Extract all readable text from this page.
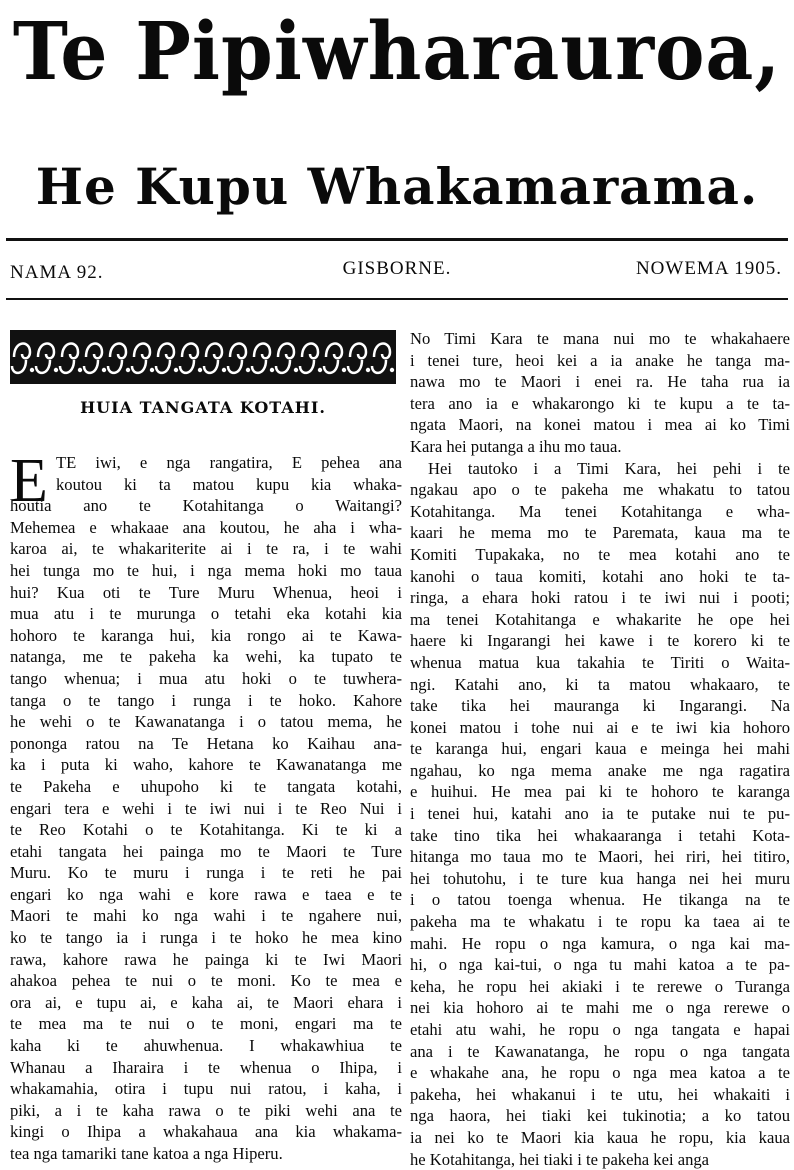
Te Pipiwharauroa,
He Kupu Whakamarama.
NAMA 92.	GISBORNE.	NOWEMA 1905.
HUIA TANGATA KOTAHI.
E TE iwi, e nga rangatira, E pehea ana
koutou ki ta matou kupu kia whaka-
houtia ano te Kotahitanga o Waitangi?
Mehemea e whakaae ana koutou, he aha i wha-
karoa ai, te whakariterite ai i te ra, i te wahi
hei tunga mo te hui, i nga mema hoki mo taua
hui? Kua oti te Ture Muru Whenua, heoi i
mua atu i te murunga o tetahi eka kotahi kia
hohoro te karanga hui, kia rongo ai te Kawa-
natanga, me te pakeha ka wehi, ka tupato te
tango whenua; i mua atu hoki o te tuwhera-
tanga o te tango i runga i te hoko. Kahore
he wehi o te Kawanatanga i o tatou mema, he
pononga ratou na Te Hetana ko Kaihau ana-
ka i puta ki waho, kahore te Kawanatanga me
te Pakeha e uhupoho ki te tangata kotahi,
engari tera e wehi i te iwi nui i te Reo Nui i
te Reo Kotahi o te Kotahitanga. Ki te ki a
etahi tangata hei painga mo te Maori te Ture
Muru. Ko te muru i runga i te reti he pai
engari ko nga wahi e kore rawa e taea e te
Maori te mahi ko nga wahi i te ngahere nui,
ko te tango ia i runga i te hoko he mea kino
rawa, kahore rawa he painga ki te Iwi Maori
ahakoa pehea te nui o te moni. Ko te mea e
ora ai, e tupu ai, e kaha ai, te Maori ehara i
te mea ma te nui o te moni, engari ma te
kaha ki te ahuwhenua. I whakawhiua te
Whanau a Iharaira i te whenua o Ihipa, i
whakamahia, otira i tupu nui ratou, i kaha, i
piki, a i te kaha rawa o te piki wehi ana te
kingi o Ihipa a whakahaua ana kia whakama-
tea nga tamariki tane katoa a nga Hiperu.
No Timi Kara te mana nui mo te whakahaere
i tenei ture, heoi kei a ia anake he tanga ma-
nawa mo te Maori i enei ra. He taha rua ia
tera ano ia e whakarongo ki te kupu a te ta-
ngata Maori, na konei matou i mea ai ko Timi
Kara hei putanga a ihu mo taua.
Hei tautoko i a Timi Kara, hei pehi i te
ngakau apo o te pakeha me whakatu to tatou
Kotahitanga. Ma tenei Kotahitanga e wha-
kaari he mema mo te Paremata, kaua ma te
Komiti Tupakaka, no te mea kotahi ano te
kanohi o taua komiti, kotahi ano hoki te ta-
ringa, a ehara hoki ratou i te iwi nui i pooti;
ma tenei Kotahitanga e whakarite he ope hei
haere ki Ingarangi hei kawe i te korero ki te
whenua matua kua takahia te Tiriti o Waita-
ngi. Katahi ano, ki ta matou whakaaro, te
take tika hei mauranga ki Ingarangi. Na
konei matou i tohe nui ai e te iwi kia hohoro
te karanga hui, engari kaua e meinga hei mahi
ngahau, ko nga mema anake me nga ragatira
e huihui. He mea pai ki te hohoro te karanga
i tenei hui, katahi ano ia te putake nui te pu-
take tino tika hei whakaaranga i tetahi Kota-
hitanga mo taua mo te Maori, hei riri, hei titiro,
hei tohutohu, i te ture kua hanga nei hei muru
i o tatou toenga whenua. He tikanga na te
pakeha ma te whakatu i te ropu ka taea ai te
mahi. He ropu o nga kamura, o nga kai ma-
hi, o nga kai-tui, o nga tu mahi katoa a te pa-
keha, he ropu hei akiaki i te rerewe o Turanga
nei kia hohoro ai te mahi me o nga rerewe o
etahi atu wahi, he ropu o nga tangata e hapai
ana i te Kawanatanga, he ropu o nga tangata
e whakahe ana, he ropu o nga mea katoa a te
pakeha, hei whakanui i te utu, hei whakaiti i
nga haora, hei tiaki kei tukinotia; a ko tatou
ia nei ko te Maori kia kaua he ropu, kia kaua
he Kotahitanga, hei tiaki i te pakeha kei anga
